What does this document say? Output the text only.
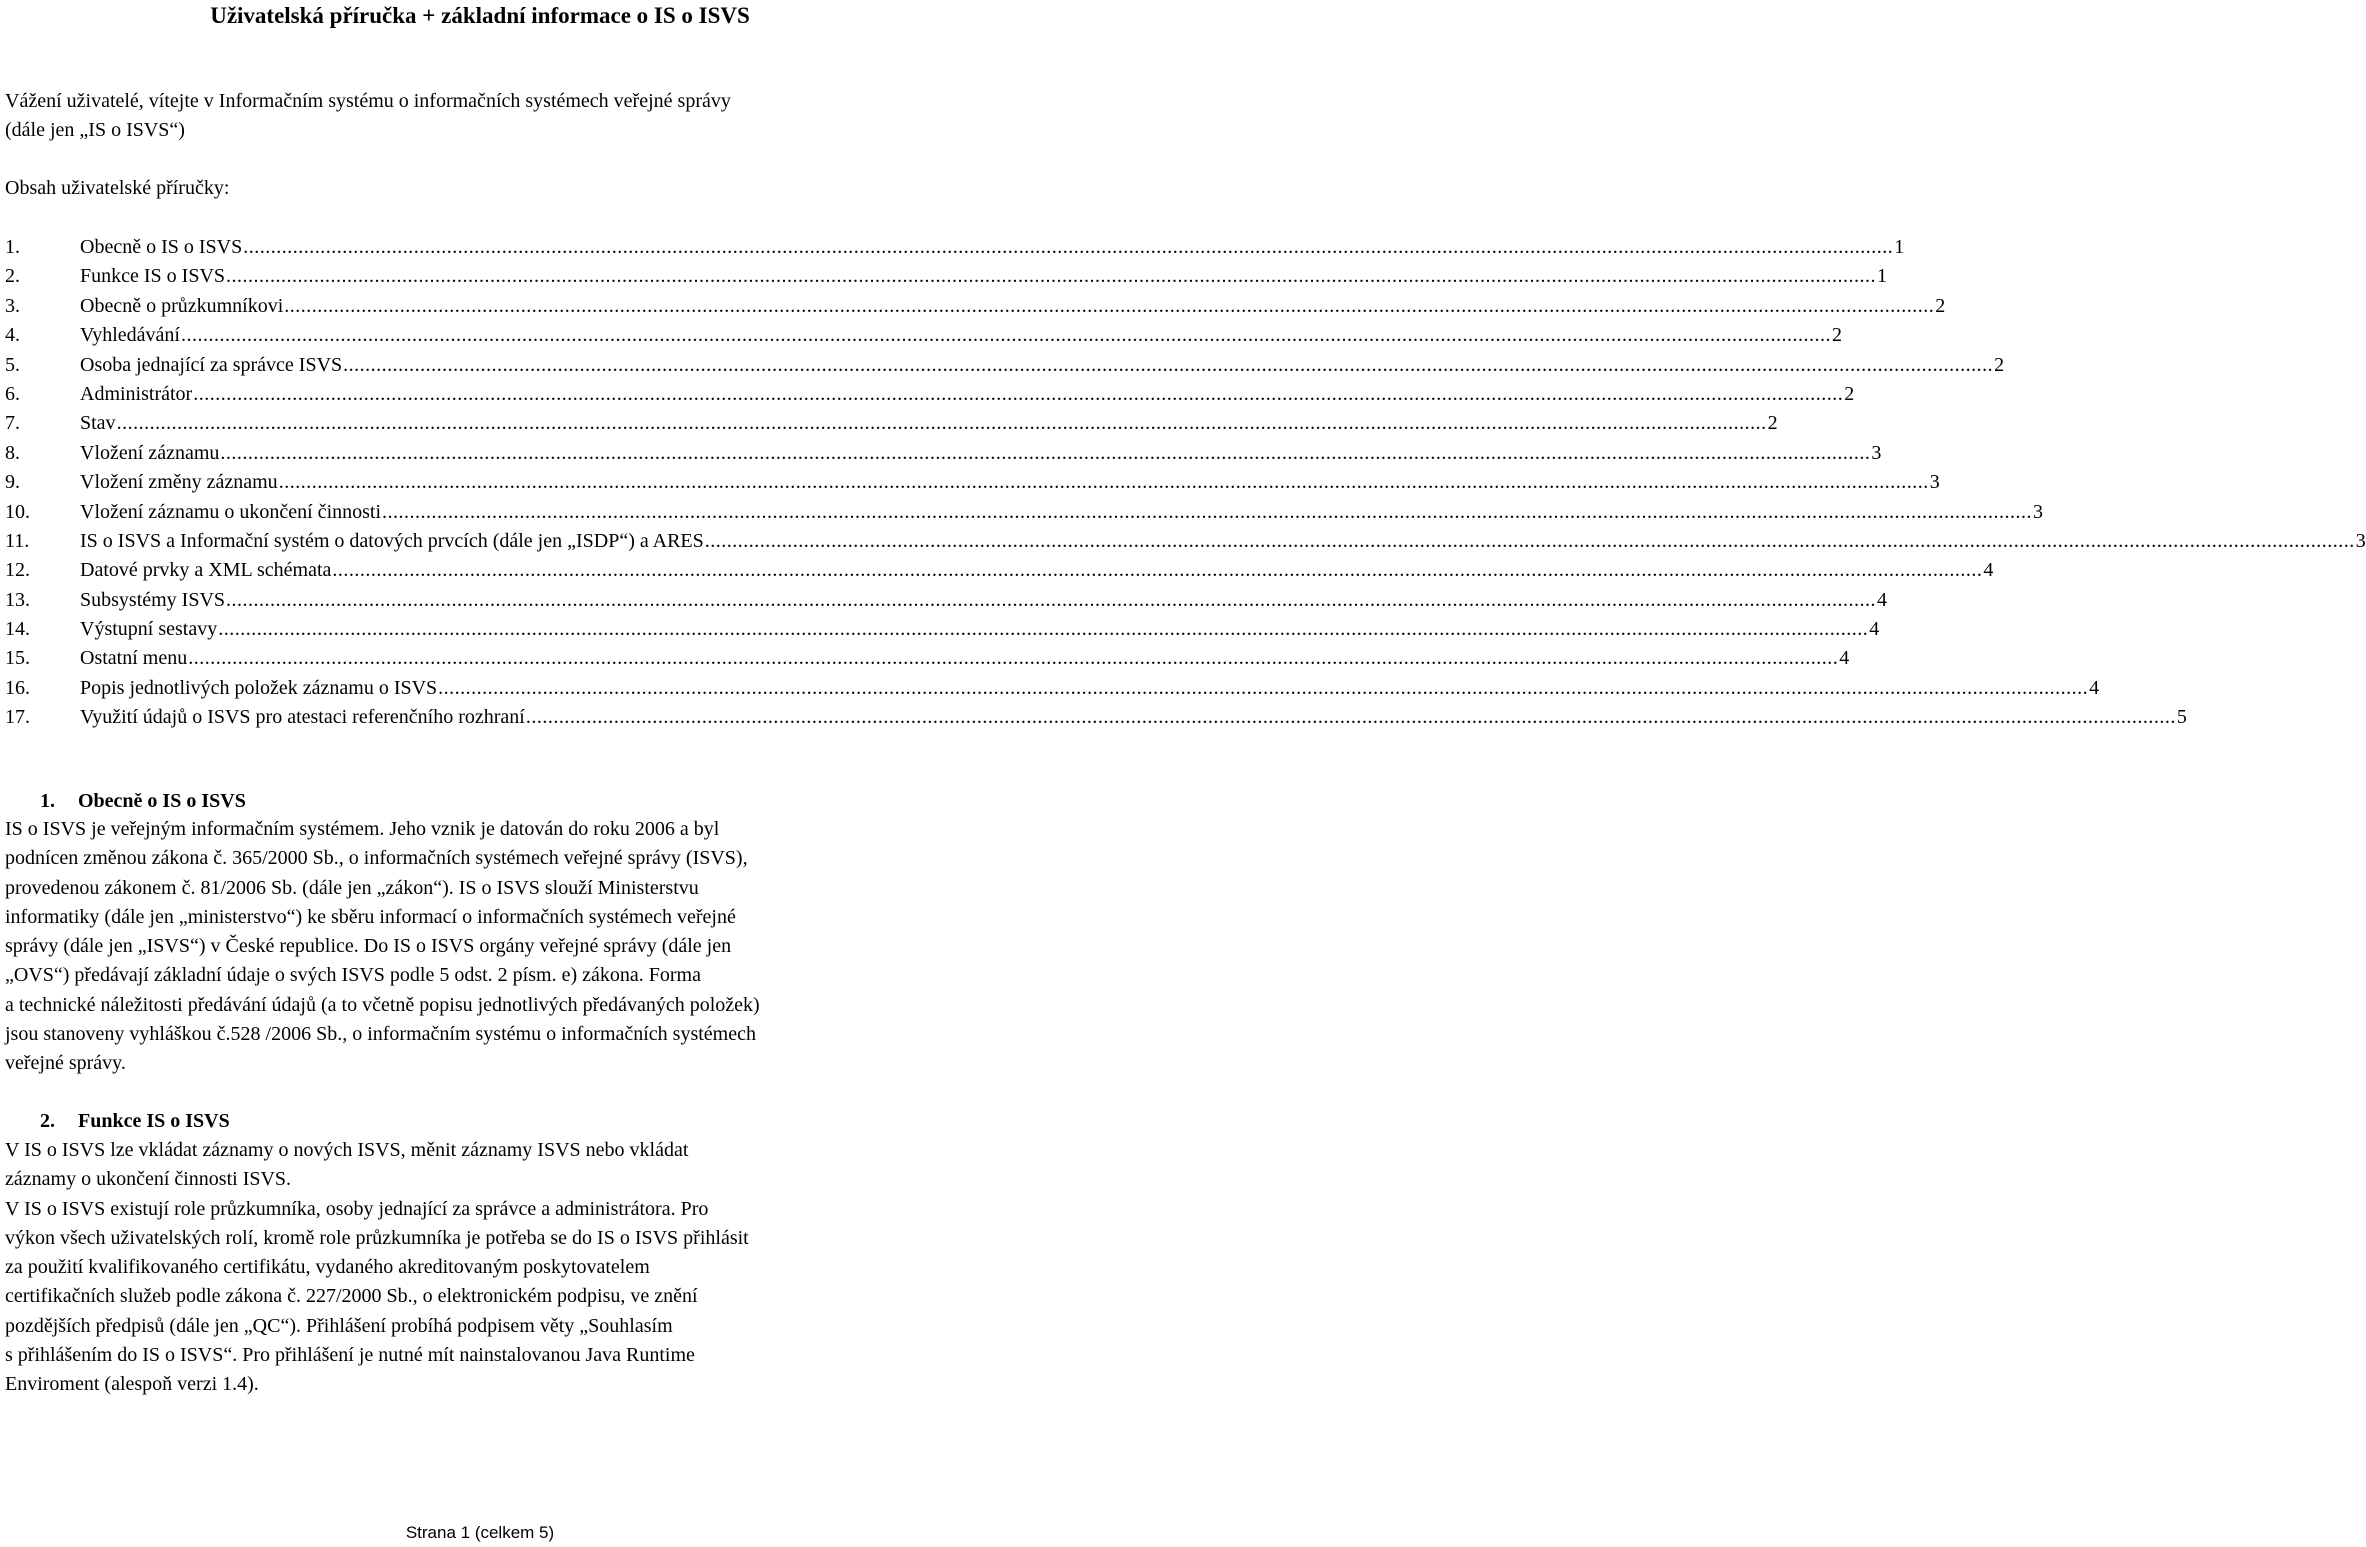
Uživatelská příručka + základní informace o IS o ISVS

Vážení uživatelé, vítejte v Informačním systému o informačních systémech veřejné správy
(dále jen „IS o ISVS“)

Obsah uživatelské příručky:

1.	Obecně o IS o ISVS ............................................................................................................................................................................................................................................................................................................ 1
2.	Funkce IS o ISVS ............................................................................................................................................................................................................................................................................................................ 1
3.	Obecně o průzkumníkovi ............................................................................................................................................................................................................................................................................................................ 2
4.	Vyhledávání ............................................................................................................................................................................................................................................................................................................ 2
5.	Osoba jednající za správce ISVS ............................................................................................................................................................................................................................................................................................................ 2
6.	Administrátor ............................................................................................................................................................................................................................................................................................................ 2
7.	Stav ............................................................................................................................................................................................................................................................................................................ 2
8.	Vložení záznamu ............................................................................................................................................................................................................................................................................................................ 3
9.	Vložení změny záznamu ............................................................................................................................................................................................................................................................................................................ 3
10.	Vložení záznamu o ukončení činnosti ............................................................................................................................................................................................................................................................................................................ 3
11.	IS o ISVS a Informační systém o datových prvcích (dále jen „ISDP“) a ARES ............................................................................................................................................................................................................................................................................................................ 3
12.	Datové prvky a XML schémata ............................................................................................................................................................................................................................................................................................................ 4
13.	Subsystémy ISVS ............................................................................................................................................................................................................................................................................................................ 4
14.	Výstupní sestavy ............................................................................................................................................................................................................................................................................................................ 4
15.	Ostatní menu ............................................................................................................................................................................................................................................................................................................ 4
16.	Popis jednotlivých položek záznamu o ISVS ............................................................................................................................................................................................................................................................................................................ 4
17.	Využití údajů o ISVS pro atestaci referenčního rozhraní ............................................................................................................................................................................................................................................................................................................ 5
1. Obecně o IS o ISVS

IS o ISVS je veřejným informačním systémem. Jeho vznik je datován do roku 2006 a byl
podnícen změnou zákona č. 365/2000 Sb., o informačních systémech veřejné správy (ISVS),
provedenou zákonem č. 81/2006 Sb. (dále jen „zákon“). IS o ISVS slouží Ministerstvu
informatiky (dále jen „ministerstvo“) ke sběru informací o informačních systémech veřejné
správy (dále jen „ISVS“) v České republice. Do IS o ISVS orgány veřejné správy (dále jen
„OVS“) předávají základní údaje o svých ISVS podle 5 odst. 2 písm. e) zákona. Forma
a technické náležitosti předávání údajů (a to včetně popisu jednotlivých předávaných položek)
jsou stanoveny vyhláškou č.528 /2006 Sb., o informačním systému o informačních systémech
veřejné správy.

2. Funkce IS o ISVS

V IS o ISVS lze vkládat záznamy o nových ISVS, měnit záznamy ISVS nebo vkládat
záznamy o ukončení činnosti ISVS.
V IS o ISVS existují role průzkumníka, osoby jednající za správce a administrátora. Pro
výkon všech uživatelských rolí, kromě role průzkumníka je potřeba se do IS o ISVS přihlásit
za použití kvalifikovaného certifikátu, vydaného akreditovaným poskytovatelem
certifikačních služeb podle zákona č. 227/2000 Sb., o elektronickém podpisu, ve znění
pozdějších předpisů (dále jen „QC“). Přihlášení probíhá podpisem věty „Souhlasím
s přihlášením do IS o ISVS“. Pro přihlášení je nutné mít nainstalovanou Java Runtime
Enviroment (alespoň verzi 1.4).

Strana 1 (celkem 5)
